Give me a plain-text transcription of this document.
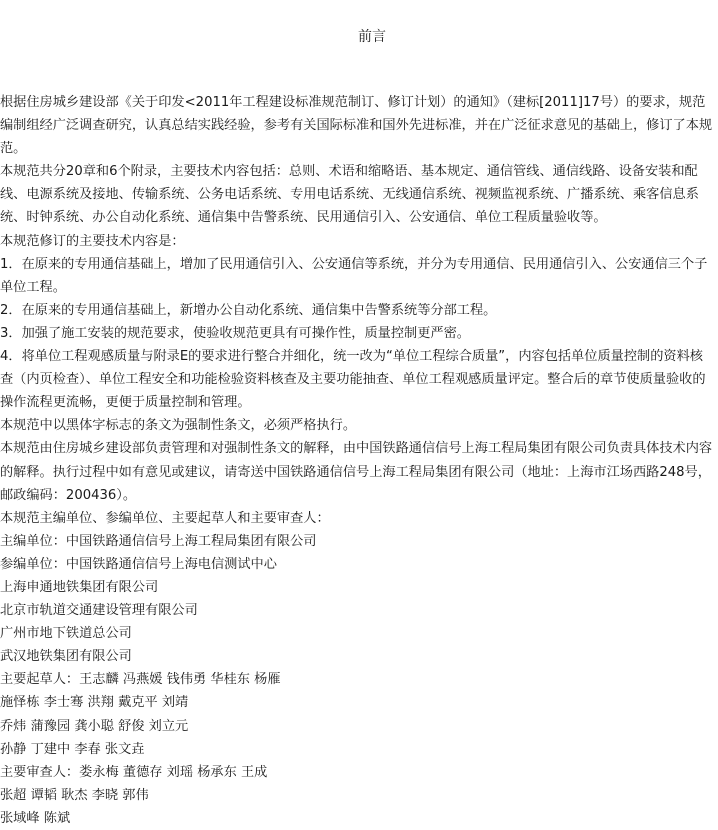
前言

根据住房城乡建设部《关于印发<2011年工程建设标准规范制订、修订计划）的通知》（建标[2011]17号）的要求，规范编制组经广泛调查研究，认真总结实践经验，参考有关国际标准和国外先进标准，并在广泛征求意见的基础上，修订了本规范。

本规范共分20章和6个附录，主要技术内容包括：总则、术语和缩略语、基本规定、通信管线、通信线路、设备安装和配线、电源系统及接地、传输系统、公务电话系统、专用电话系统、无线通信系统、视频监视系统、广播系统、乘客信息系统、时钟系统、办公自动化系统、通信集中告警系统、民用通信引入、公安通信、单位工程质量验收等。

本规范修订的主要技术内容是：

1．在原来的专用通信基础上，增加了民用通信引入、公安通信等系统，并分为专用通信、民用通信引入、公安通信三个子单位工程。

2．在原来的专用通信基础上，新增办公自动化系统、通信集中告警系统等分部工程。

3．加强了施工安装的规范要求，使验收规范更具有可操作性，质量控制更严密。

4．将单位工程观感质量与附录E的要求进行整合并细化，统一改为“单位工程综合质量”，内容包括单位质量控制的资料核查（内页检查）、单位工程安全和功能检验资料核查及主要功能抽查、单位工程观感质量评定。整合后的章节使质量验收的操作流程更流畅，更便于质量控制和管理。

本规范中以黑体字标志的条文为强制性条文，必须严格执行。

本规范由住房城乡建设部负责管理和对强制性条文的解释，由中国铁路通信信号上海工程局集团有限公司负责具体技术内容的解释。执行过程中如有意见或建议，请寄送中国铁路通信信号上海工程局集团有限公司（地址：上海市江场西路248号，邮政编码：200436）。

本规范主编单位、参编单位、主要起草人和主要审查人：

主编单位：中国铁路通信信号上海工程局集团有限公司

参编单位：中国铁路通信信号上海电信测试中心

上海申通地铁集团有限公司

北京市轨道交通建设管理有限公司

广州市地下铁道总公司

武汉地铁集团有限公司

主要起草人：王志麟 冯燕媛 钱伟勇 华桂东 杨雁

施怿栋 李士骞 洪翔 戴克平 刘靖

乔炜 蒲豫园 龚小聪 舒俊 刘立元

孙静 丁建中 李春 张文垚

主要审查人：娄永梅 董德存 刘瑶 杨承东 王成

张超 谭韬 耿杰 李晓 郭伟

张域峰 陈斌
